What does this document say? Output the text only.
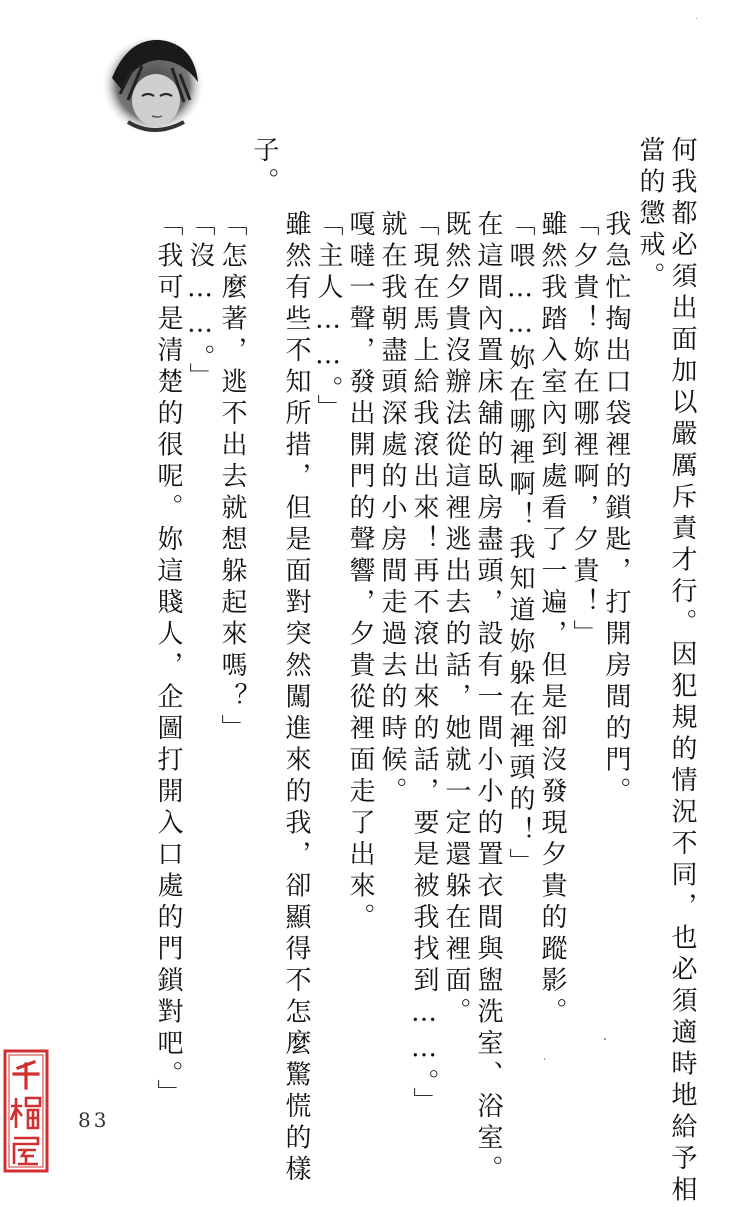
何我都必須出面加以嚴厲斥責才行。因犯規的情況不同，也必須適時地給予相
當的懲戒。
我急忙掏出口袋裡的鎖匙，打開房間的門。
「夕貴！妳在哪裡啊，夕貴！」
雖然我踏入室內到處看了一遍，但是卻沒發現夕貴的蹤影。
「喂……妳在哪裡啊！我知道妳躲在裡頭的！」
在這間內置床舖的臥房盡頭，設有一間小小的置衣間與盥洗室、浴室。
既然夕貴沒辦法從這裡逃出去的話，她就一定還躲在裡面。
「現在馬上給我滾出來！再不滾出來的話，要是被我找到……。」
就在我朝盡頭深處的小房間走過去的時候。
嘎噠一聲，發出開門的聲響，夕貴從裡面走了出來。
「主人……。」
雖然有些不知所措，但是面對突然闖進來的我，卻顯得不怎麼驚慌的樣
子。
「怎麼著，逃不出去就想躲起來嗎？」
「沒……。」
「我可是清楚的很呢。妳這賤人，企圖打開入口處的門鎖對吧。」
83
